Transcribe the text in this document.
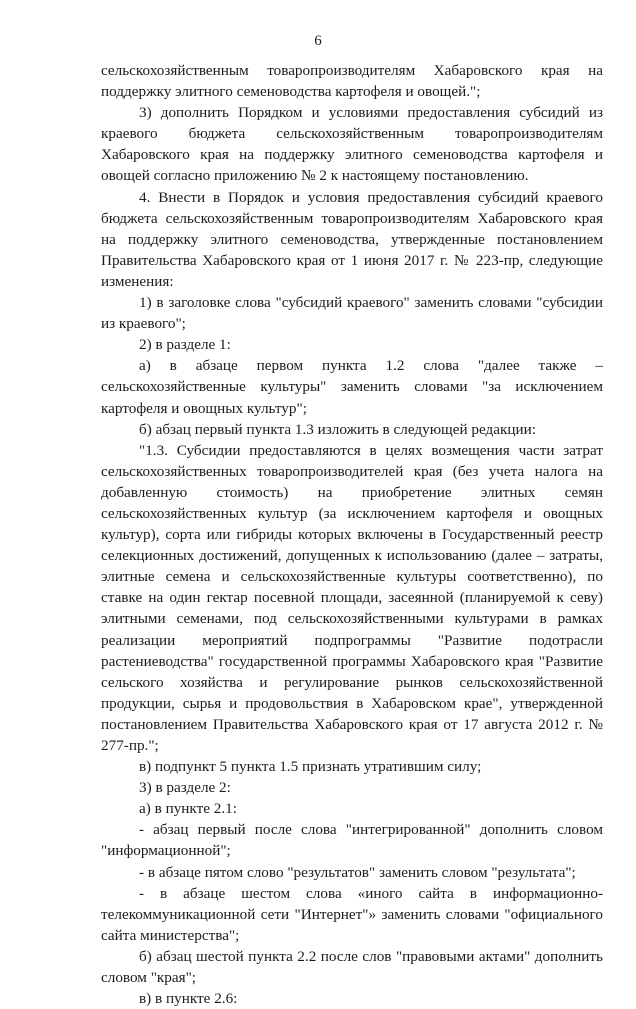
6

сельскохозяйственным товаропроизводителям Хабаровского края на поддержку элитного семеноводства картофеля и овощей.";

3) дополнить Порядком и условиями предоставления субсидий из краевого бюджета сельскохозяйственным товаропроизводителям Хабаровского края на поддержку элитного семеноводства картофеля и овощей согласно приложению № 2 к настоящему постановлению.

4. Внести в Порядок и условия предоставления субсидий краевого бюджета сельскохозяйственным товаропроизводителям Хабаровского края на поддержку элитного семеноводства, утвержденные постановлением Правительства Хабаровского края от 1 июня 2017 г. № 223-пр, следующие изменения:

1) в заголовке слова "субсидий краевого" заменить словами "субсидии из краевого";

2) в разделе 1:

а) в абзаце первом пункта 1.2 слова "далее также – сельскохозяйственные культуры" заменить словами "за исключением картофеля и овощных культур";

б) абзац первый пункта 1.3 изложить в следующей редакции:

"1.3. Субсидии предоставляются в целях возмещения части затрат сельскохозяйственных товаропроизводителей края (без учета налога на добавленную стоимость) на приобретение элитных семян сельскохозяйственных культур (за исключением картофеля и овощных культур), сорта или гибриды которых включены в Государственный реестр селекционных достижений, допущенных к использованию (далее – затраты, элитные семена и сельскохозяйственные культуры соответственно), по ставке на один гектар посевной площади, засеянной (планируемой к севу) элитными семенами, под сельскохозяйственными культурами в рамках реализации мероприятий подпрограммы "Развитие подотрасли растениеводства" государственной программы Хабаровского края "Развитие сельского хозяйства и регулирование рынков сельскохозяйственной продукции, сырья и продовольствия в Хабаровском крае", утвержденной постановлением Правительства Хабаровского края от 17 августа 2012 г. № 277-пр.";

в) подпункт 5 пункта 1.5 признать утратившим силу;

3) в разделе 2:

а) в пункте 2.1:

- абзац первый после слова "интегрированной" дополнить словом "информационной";

- в абзаце пятом слово "результатов" заменить словом "результата";

- в абзаце шестом слова «иного сайта в информационно-телекоммуникационной сети "Интернет"» заменить словами "официального сайта министерства";

б) абзац шестой пункта 2.2 после слов "правовыми актами" дополнить словом "края";

в) в пункте 2.6:
